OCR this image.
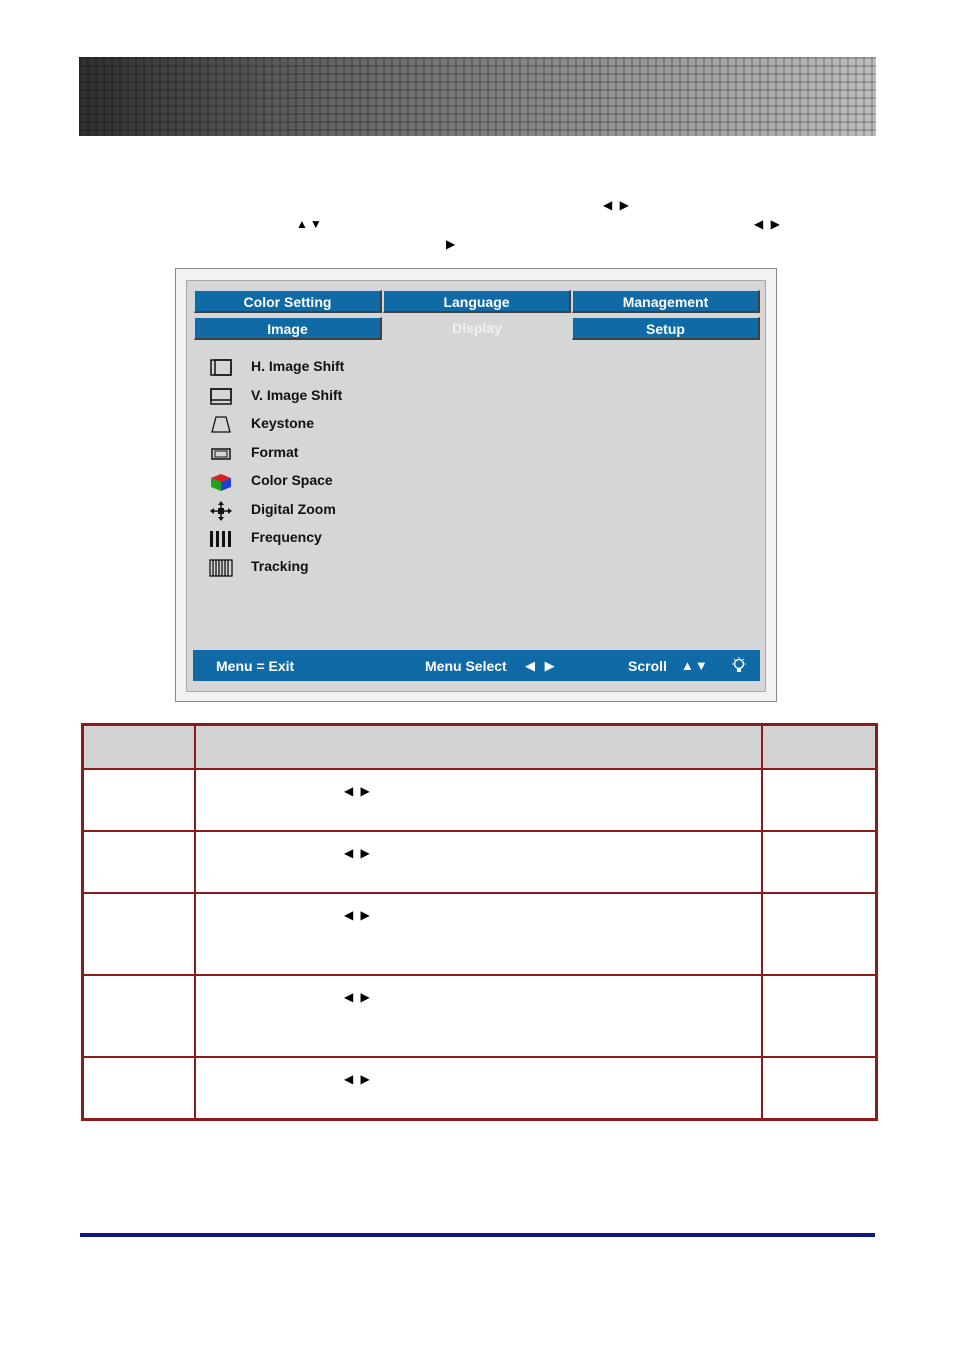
◀ ▶
▲▼	◀ ▶
▶
Color Setting	Language	Management
Image	Display	Setup
H. Image Shift
V. Image Shift
Keystone
Format
Color Space
Digital Zoom
Frequency
Tracking
Menu = Exit	Menu Select ◀ ▶	Scroll ▲▼

	◀ ▶	
	◀ ▶	
	◀ ▶	
	◀ ▶	
	◀ ▶	
